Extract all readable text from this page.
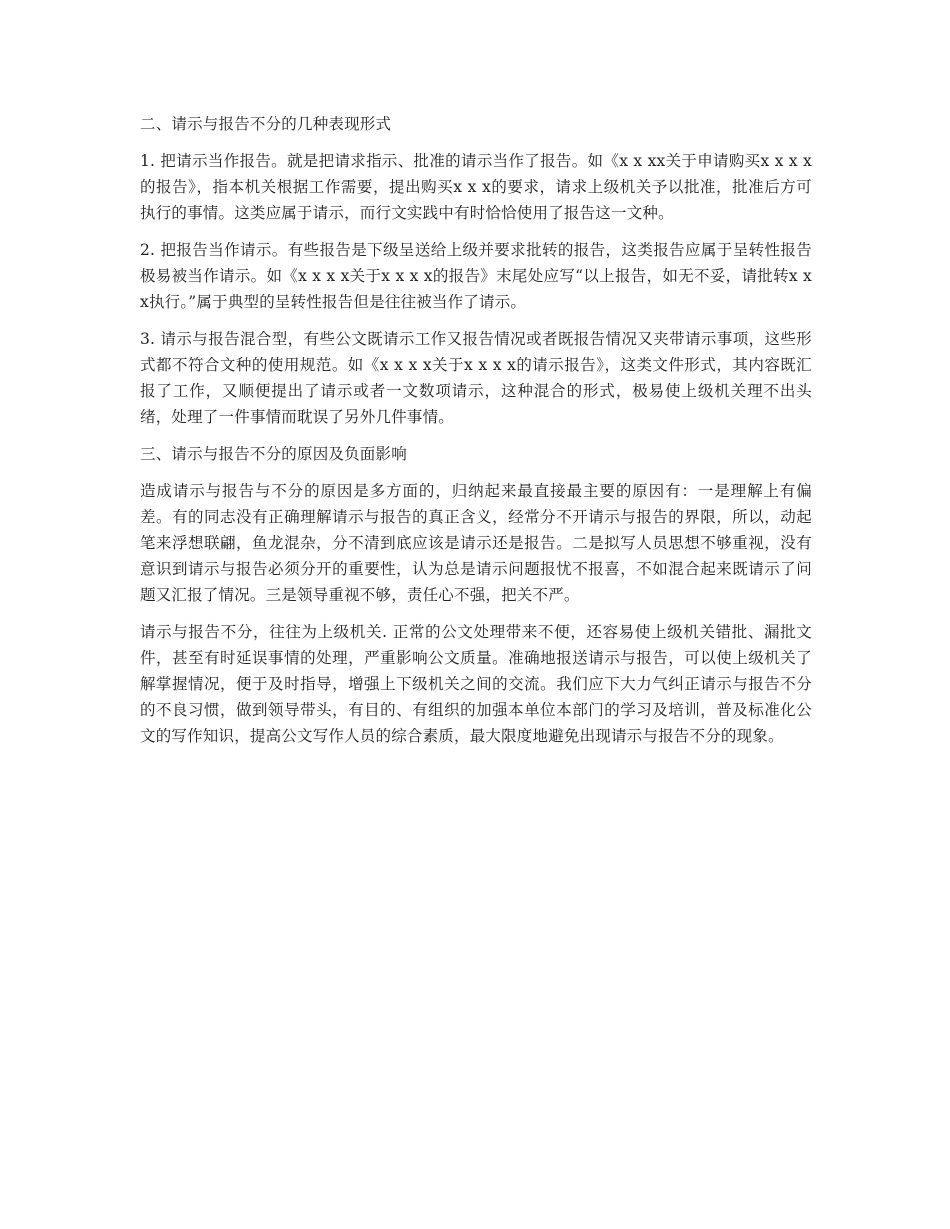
二、请示与报告不分的几种表现形式
1. 把请示当作报告。就是把请求指示、批准的请示当作了报告。如《x x xx关于申请购买x x x x的报告》，指本机关根据工作需要，提出购买x x x的要求，请求上级机关予以批准，批准后方可执行的事情。这类应属于请示，而行文实践中有时恰恰使用了报告这一文种。
2. 把报告当作请示。有些报告是下级呈送给上级并要求批转的报告，这类报告应属于呈转性报告极易被当作请示。如《x x x x关于x x x x的报告》末尾处应写“以上报告，如无不妥，请批转x x x执行。”属于典型的呈转性报告但是往往被当作了请示。
3. 请示与报告混合型，有些公文既请示工作又报告情况或者既报告情况又夹带请示事项，这些形式都不符合文种的使用规范。如《x x x x关于x x x x的请示报告》，这类文件形式，其内容既汇报了工作，又顺便提出了请示或者一文数项请示，这种混合的形式，极易使上级机关理不出头绪，处理了一件事情而耽误了另外几件事情。
三、请示与报告不分的原因及负面影响
造成请示与报告与不分的原因是多方面的，归纳起来最直接最主要的原因有：一是理解上有偏差。有的同志没有正确理解请示与报告的真正含义，经常分不开请示与报告的界限，所以，动起笔来浮想联翩，鱼龙混杂，分不清到底应该是请示还是报告。二是拟写人员思想不够重视，没有意识到请示与报告必须分开的重要性，认为总是请示问题报忧不报喜，不如混合起来既请示了问题又汇报了情况。三是领导重视不够，责任心不强，把关不严。
请示与报告不分，往往为上级机关. 正常的公文处理带来不便，还容易使上级机关错批、漏批文件，甚至有时延误事情的处理，严重影响公文质量。准确地报送请示与报告，可以使上级机关了解掌握情况，便于及时指导，增强上下级机关之间的交流。我们应下大力气纠正请示与报告不分的不良习惯，做到领导带头，有目的、有组织的加强本单位本部门的学习及培训，普及标准化公文的写作知识，提高公文写作人员的综合素质，最大限度地避免出现请示与报告不分的现象。
